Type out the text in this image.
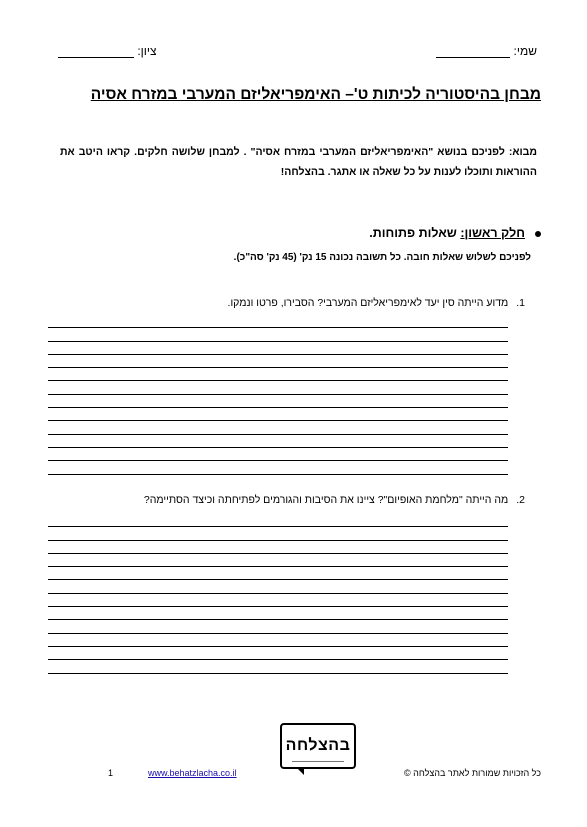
שמי:
ציון:
מבחן בהיסטוריה לכיתות ט'– האימפריאליזם המערבי במזרח אסיה
מבוא: לפניכם בנושא "האימפריאליזם המערבי במזרח אסיה" . למבחן שלושה חלקים. קראו היטב את ההוראות ותוכלו לענות על כל שאלה או אתגר. בהצלחה!
חלק ראשון: שאלות פתוחות.
לפניכם לשלוש שאלות חובה. כל תשובה נכונה 15 נק' (45 נק' סה"כ).
1.מדוע הייתה סין יעד לאימפריאליזם המערבי? הסבירו, פרטו ונמקו.
2.מה הייתה "מלחמת האופיום"? ציינו את הסיבות והגורמים לפתיחתה וכיצד הסתיימה?
בהצלחה
1	www.behatzlacha.co.il	כל הזכויות שמורות לאתר בהצלחה ©
